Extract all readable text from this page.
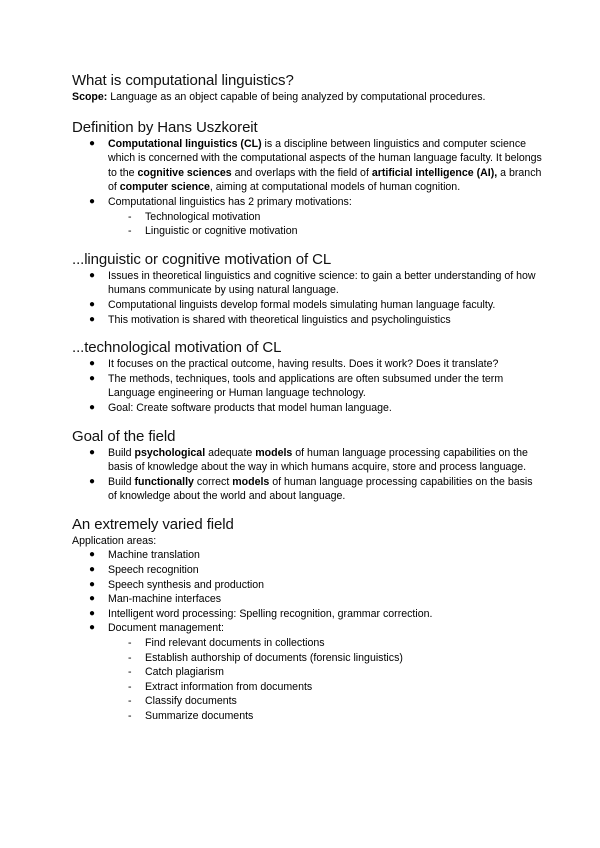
What is computational linguistics?

Scope: Language as an object capable of being analyzed by computational procedures.

Definition by Hans Uszkoreit
● Computational linguistics (CL) is a discipline between linguistics and computer science which is concerned with the computational aspects of the human language faculty. It belongs to the cognitive sciences and overlaps with the field of artificial intelligence (AI), a branch of computer science, aiming at computational models of human cognition.
● Computational linguistics has 2 primary motivations:
- Technological motivation
- Linguistic or cognitive motivation
...linguistic or cognitive motivation of CL
● Issues in theoretical linguistics and cognitive science: to gain a better understanding of how humans communicate by using natural language.
● Computational linguists develop formal models simulating human language faculty.
● This motivation is shared with theoretical linguistics and psycholinguistics
...technological motivation of CL
● It focuses on the practical outcome, having results. Does it work? Does it translate?
● The methods, techniques, tools and applications are often subsumed under the term Language engineering or Human language technology.
● Goal: Create software products that model human language.
Goal of the field
● Build psychological adequate models of human language processing capabilities on the basis of knowledge about the way in which humans acquire, store and process language.
● Build functionally correct models of human language processing capabilities on the basis of knowledge about the world and about language.
An extremely varied field

Application areas:

● Machine translation
● Speech recognition
● Speech synthesis and production
● Man-machine interfaces
● Intelligent word processing: Spelling recognition, grammar correction.
● Document management:
- Find relevant documents in collections
- Establish authorship of documents (forensic linguistics)
- Catch plagiarism
- Extract information from documents
- Classify documents
- Summarize documents
